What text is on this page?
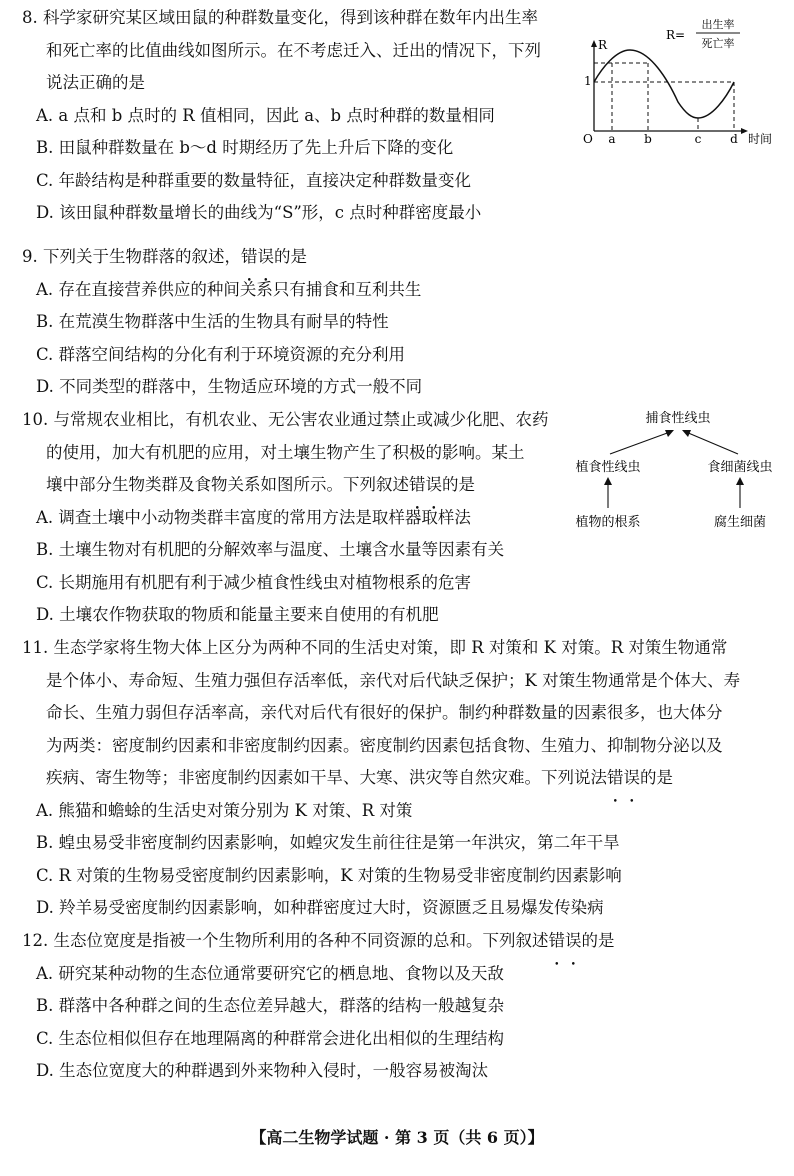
8. 科学家研究某区域田鼠的种群数量变化，得到该种群在数年内出生率
和死亡率的比值曲线如图所示。在不考虑迁入、迁出的情况下，下列
说法正确的是
A. a 点和 b 点时的 R 值相同，因此 a、b 点时种群的数量相同
B. 田鼠种群数量在 b～d 时期经历了先上升后下降的变化
C. 年龄结构是种群重要的数量特征，直接决定种群数量变化
D. 该田鼠种群数量增长的曲线为“S”形，c 点时种群密度最小
R=
出生率
死亡率
R
1
O a b	c d 时间
9. 下列关于生物群落的叙述，错误的是
A. 存在直接营养供应的种间关系只有捕食和互利共生
B. 在荒漠生物群落中生活的生物具有耐旱的特性
C. 群落空间结构的分化有利于环境资源的充分利用
D. 不同类型的群落中，生物适应环境的方式一般不同
10. 与常规农业相比，有机农业、无公害农业通过禁止或减少化肥、农药
的使用，加大有机肥的应用，对土壤生物产生了积极的影响。某土
壤中部分生物类群及食物关系如图所示。下列叙述错误的是
A. 调查土壤中小动物类群丰富度的常用方法是取样器取样法
B. 土壤生物对有机肥的分解效率与温度、土壤含水量等因素有关
C. 长期施用有机肥有利于减少植食性线虫对植物根系的危害
D. 土壤农作物获取的物质和能量主要来自使用的有机肥
捕食性线虫
植食性线虫	食细菌线虫
植物的根系	腐生细菌
11. 生态学家将生物大体上区分为两种不同的生活史对策，即 R 对策和 K 对策。R 对策生物通常
是个体小、寿命短、生殖力强但存活率低，亲代对后代缺乏保护；K 对策生物通常是个体大、寿
命长、生殖力弱但存活率高，亲代对后代有很好的保护。制约种群数量的因素很多，也大体分
为两类：密度制约因素和非密度制约因素。密度制约因素包括食物、生殖力、抑制物分泌以及
疾病、寄生物等；非密度制约因素如干旱、大寒、洪灾等自然灾难。下列说法错误的是
A. 熊猫和蟾蜍的生活史对策分别为 K 对策、R 对策
B. 蝗虫易受非密度制约因素影响，如蝗灾发生前往往是第一年洪灾，第二年干旱
C. R 对策的生物易受密度制约因素影响，K 对策的生物易受非密度制约因素影响
D. 羚羊易受密度制约因素影响，如种群密度过大时，资源匮乏且易爆发传染病
12. 生态位宽度是指被一个生物所利用的各种不同资源的总和。下列叙述错误的是
A. 研究某种动物的生态位通常要研究它的栖息地、食物以及天敌
B. 群落中各种群之间的生态位差异越大，群落的结构一般越复杂
C. 生态位相似但存在地理隔离的种群常会进化出相似的生理结构
D. 生态位宽度大的种群遇到外来物种入侵时，一般容易被淘汰
【高二生物学试题 · 第 3 页（共 6 页）】
